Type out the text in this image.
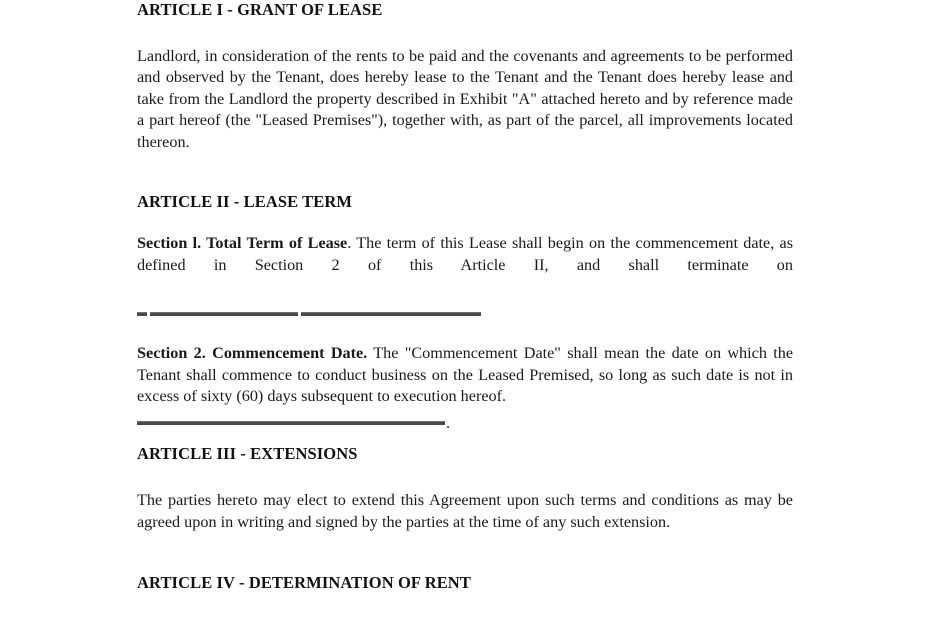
ARTICLE I - GRANT OF LEASE

Landlord, in consideration of the rents to be paid and the covenants and agreements to be performed and observed by the Tenant, does hereby lease to the Tenant and the Tenant does hereby lease and take from the Landlord the property described in Exhibit "A" attached hereto and by reference made a part hereof (the "Leased Premises"), together with, as part of the parcel, all improvements located thereon.

ARTICLE II - LEASE TERM

Section l. Total Term of Lease. The term of this Lease shall begin on the commencement date, as defined in Section 2 of this Article II, and shall terminate on

Section 2. Commencement Date. The "Commencement Date" shall mean the date on which the Tenant shall commence to conduct business on the Leased Premised, so long as such date is not in excess of sixty (60) days subsequent to execution hereof.

.
ARTICLE III - EXTENSIONS

The parties hereto may elect to extend this Agreement upon such terms and conditions as may be agreed upon in writing and signed by the parties at the time of any such extension.

ARTICLE IV - DETERMINATION OF RENT
